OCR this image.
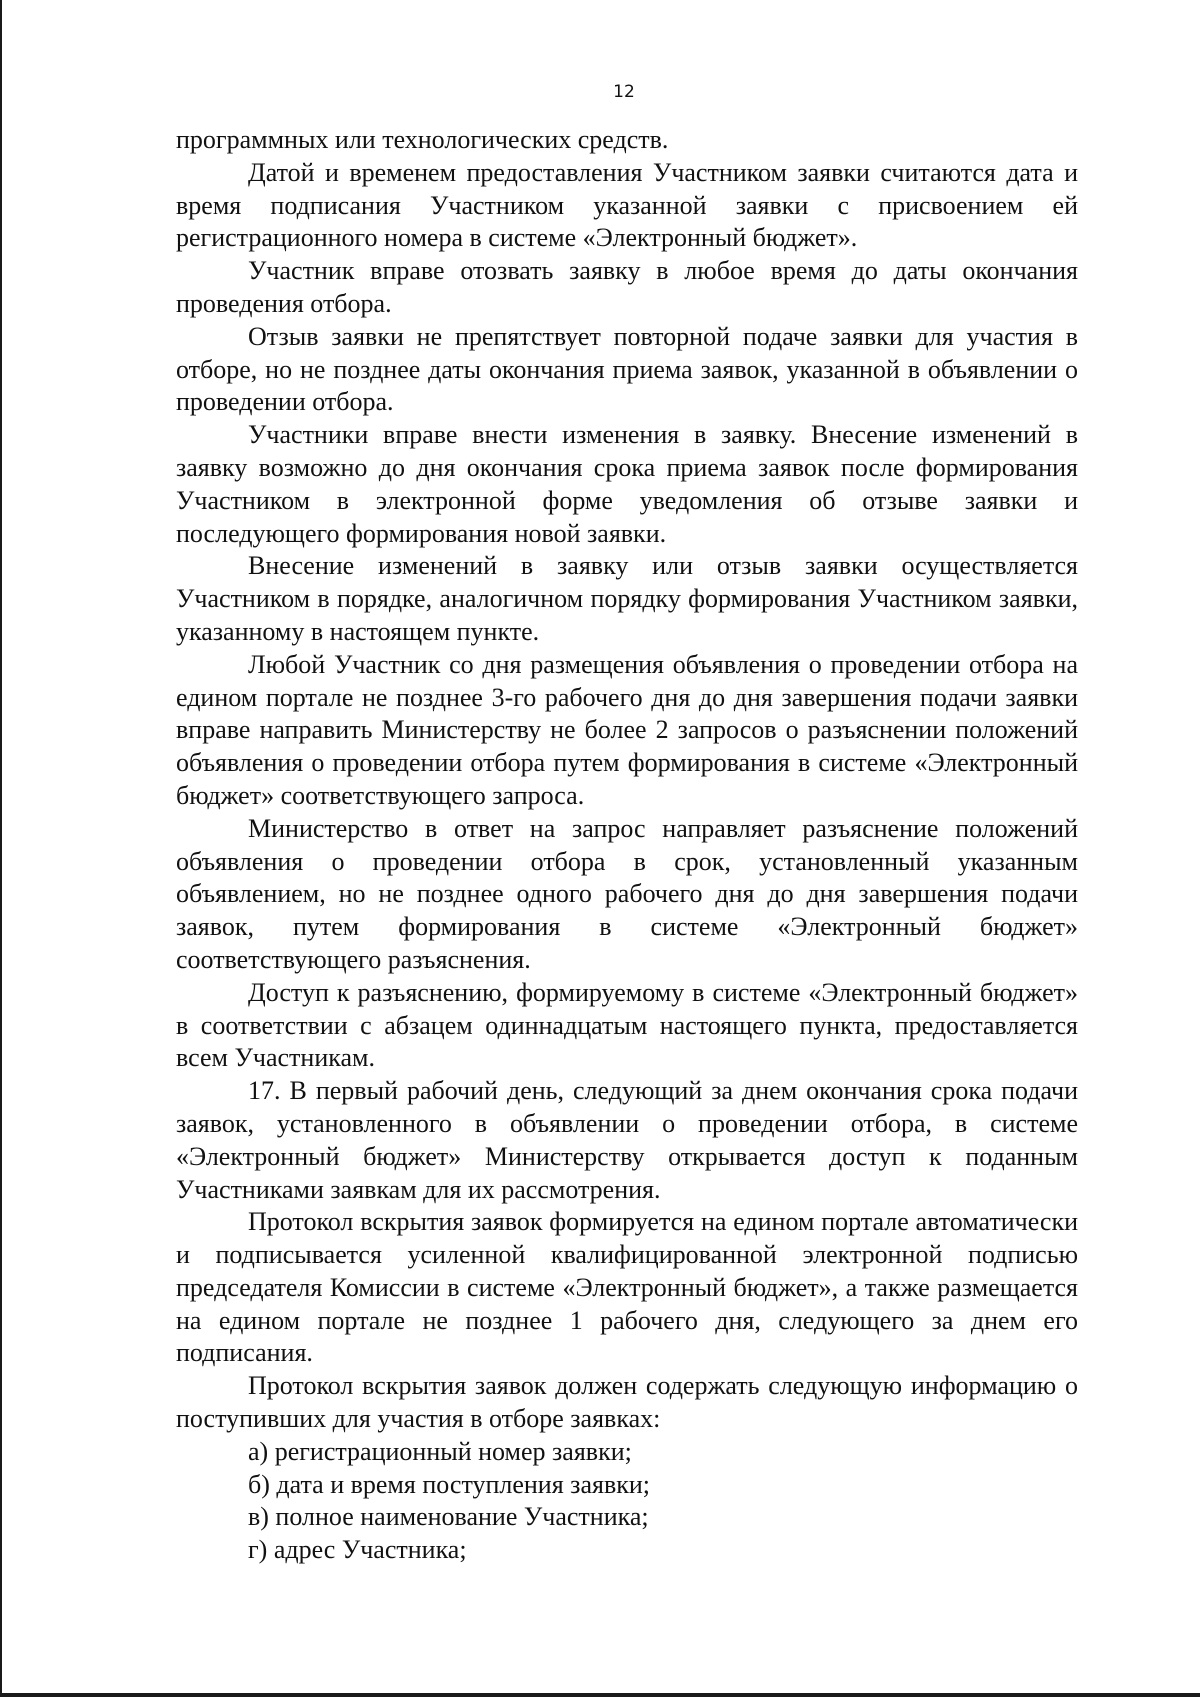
12

программных или технологических средств.

Датой и временем предоставления Участником заявки считаются дата и время подписания Участником указанной заявки с присвоением ей регистрационного номера в системе «Электронный бюджет».

Участник вправе отозвать заявку в любое время до даты окончания проведения отбора.

Отзыв заявки не препятствует повторной подаче заявки для участия в отборе, но не позднее даты окончания приема заявок, указанной в объявлении о проведении отбора.

Участники вправе внести изменения в заявку. Внесение изменений в заявку возможно до дня окончания срока приема заявок после формирования Участником в электронной форме уведомления об отзыве заявки и последующего формирования новой заявки.

Внесение изменений в заявку или отзыв заявки осуществляется Участником в порядке, аналогичном порядку формирования Участником заявки, указанному в настоящем пункте.

Любой Участник со дня размещения объявления о проведении отбора на едином портале не позднее 3-го рабочего дня до дня завершения подачи заявки вправе направить Министерству не более 2 запросов о разъяснении положений объявления о проведении отбора путем формирования в системе «Электронный бюджет» соответствующего запроса.

Министерство в ответ на запрос направляет разъяснение положений объявления о проведении отбора в срок, установленный указанным объявлением, но не позднее одного рабочего дня до дня завершения подачи заявок, путем формирования в системе «Электронный бюджет» соответствующего разъяснения.

Доступ к разъяснению, формируемому в системе «Электронный бюджет» в соответствии с абзацем одиннадцатым настоящего пункта, предоставляется всем Участникам.

17. В первый рабочий день, следующий за днем окончания срока подачи заявок, установленного в объявлении о проведении отбора, в системе «Электронный бюджет» Министерству открывается доступ к поданным Участниками заявкам для их рассмотрения.

Протокол вскрытия заявок формируется на едином портале автоматически и подписывается усиленной квалифицированной электронной подписью председателя Комиссии в системе «Электронный бюджет», а также размещается на едином портале не позднее 1 рабочего дня, следующего за днем его подписания.

Протокол вскрытия заявок должен содержать следующую информацию о поступивших для участия в отборе заявках:

а) регистрационный номер заявки;

б) дата и время поступления заявки;

в) полное наименование Участника;

г) адрес Участника;
